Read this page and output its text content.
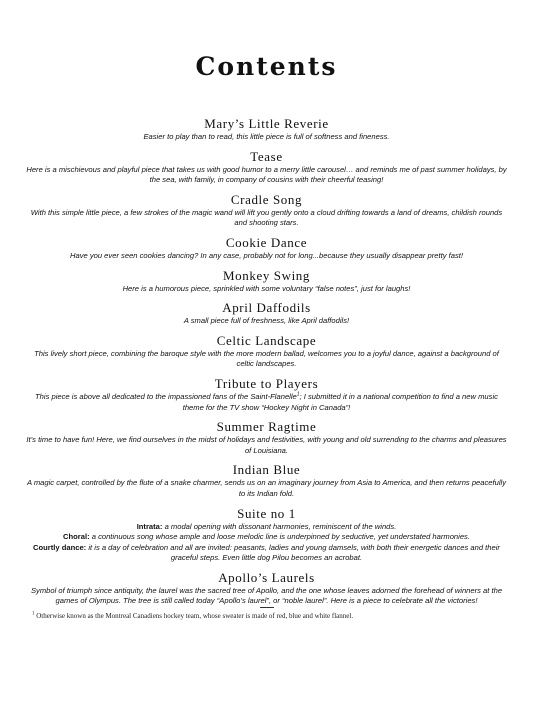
Contents
Mary’s Little Reverie
Easier to play than to read, this little piece is full of softness and fineness.
Tease
Here is a mischievous and playful piece that takes us with good humor to a merry little carousel… and reminds me of past summer holidays, by the sea, with family, in company of cousins with their cheerful teasing!
Cradle Song
With this simple little piece, a few strokes of the magic wand will lift you gently onto a cloud drifting towards a land of dreams, childish rounds and shooting stars.
Cookie Dance
Have you ever seen cookies dancing? In any case, probably not for long...because they usually disappear pretty fast!
Monkey Swing
Here is a humorous piece, sprinkled with some voluntary “false notes”, just for laughs!
April Daffodils
A small piece full of freshness, like April daffodils!
Celtic Landscape
This lively short piece, combining the baroque style with the more modern ballad, welcomes you to a joyful dance, against a background of celtic landscapes.
Tribute to Players
This piece is above all dedicated to the impassioned fans of the Saint-Flanelle$^1$; I submitted it in a national competition to find a new music theme for the TV show “Hockey Night in Canada”!
Summer Ragtime
It’s time to have fun! Here, we find ourselves in the midst of holidays and festivities, with young and old surrending to the charms and pleasures of Louisiana.
Indian Blue
A magic carpet, controlled by the flute of a snake charmer, sends us on an imaginary journey from Asia to America, and then returns peacefully to its Indian fold.
Suite no 1
Intrata: a modal opening with dissonant harmonies, reminiscent of the winds.
Choral: a continuous song whose ample and loose melodic line is underpinned by seductive, yet understated harmonies.
Courtly dance: it is a day of celebration and all are invited: peasants, ladies and young damsels, with both their energetic dances and their graceful steps. Even little dog Pilou becomes an acrobat.
Apollo’s Laurels
Symbol of triumph since antiquity, the laurel was the sacred tree of Apollo, and the one whose leaves adorned the forehead of winners at the games of Olympus. The tree is still called today “Apollo’s laurel”, or “noble laurel”. Here is a piece to celebrate all the victories!
$^1$ Otherwise known as the Montreal Canadiens hockey team, whose sweater is made of red, blue and white flannel.
